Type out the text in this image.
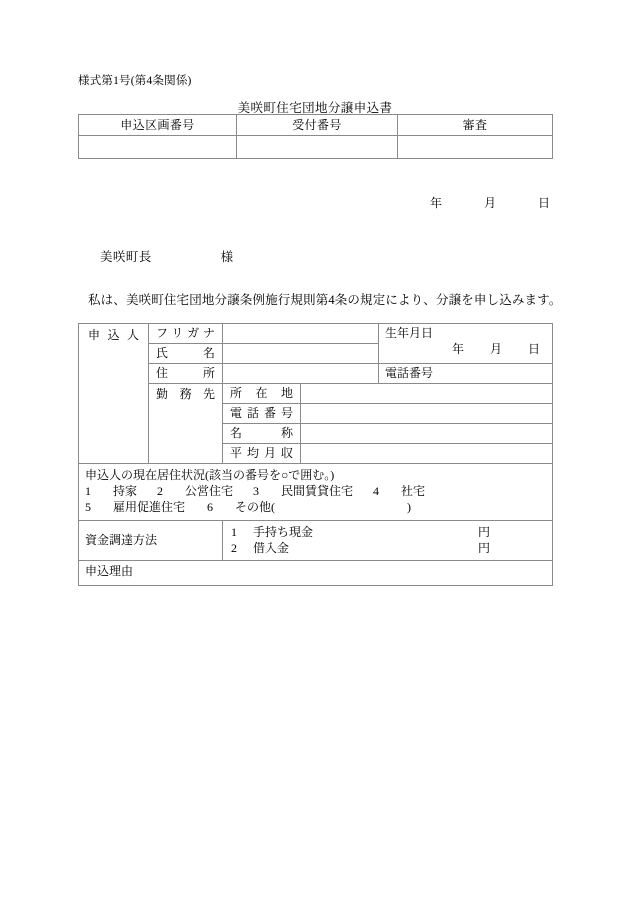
様式第1号(第4条関係)
美咲町住宅団地分譲申込書
申込区画番号	受付番号	審査

年	月	日
美咲町長	様
私は、美咲町住宅団地分譲条例施行規則第4条の規定により、分譲を申し込みます。
申込人	フリガナ			生年月日
年 月 日

	氏名			
	住所			電話番号
	勤務先	所在地		
		電話番号		
		名称		
		平均月収		

申込人の現在居住状況(該当の番号を○で囲む。)
1 持家 2 公営住宅 3 民間賃貸住宅 4 社宅
5 雇用促進住宅 6 その他( )				

資金調達方法	
1	手持ち現金	円
2	借入金	円

申込理由				
